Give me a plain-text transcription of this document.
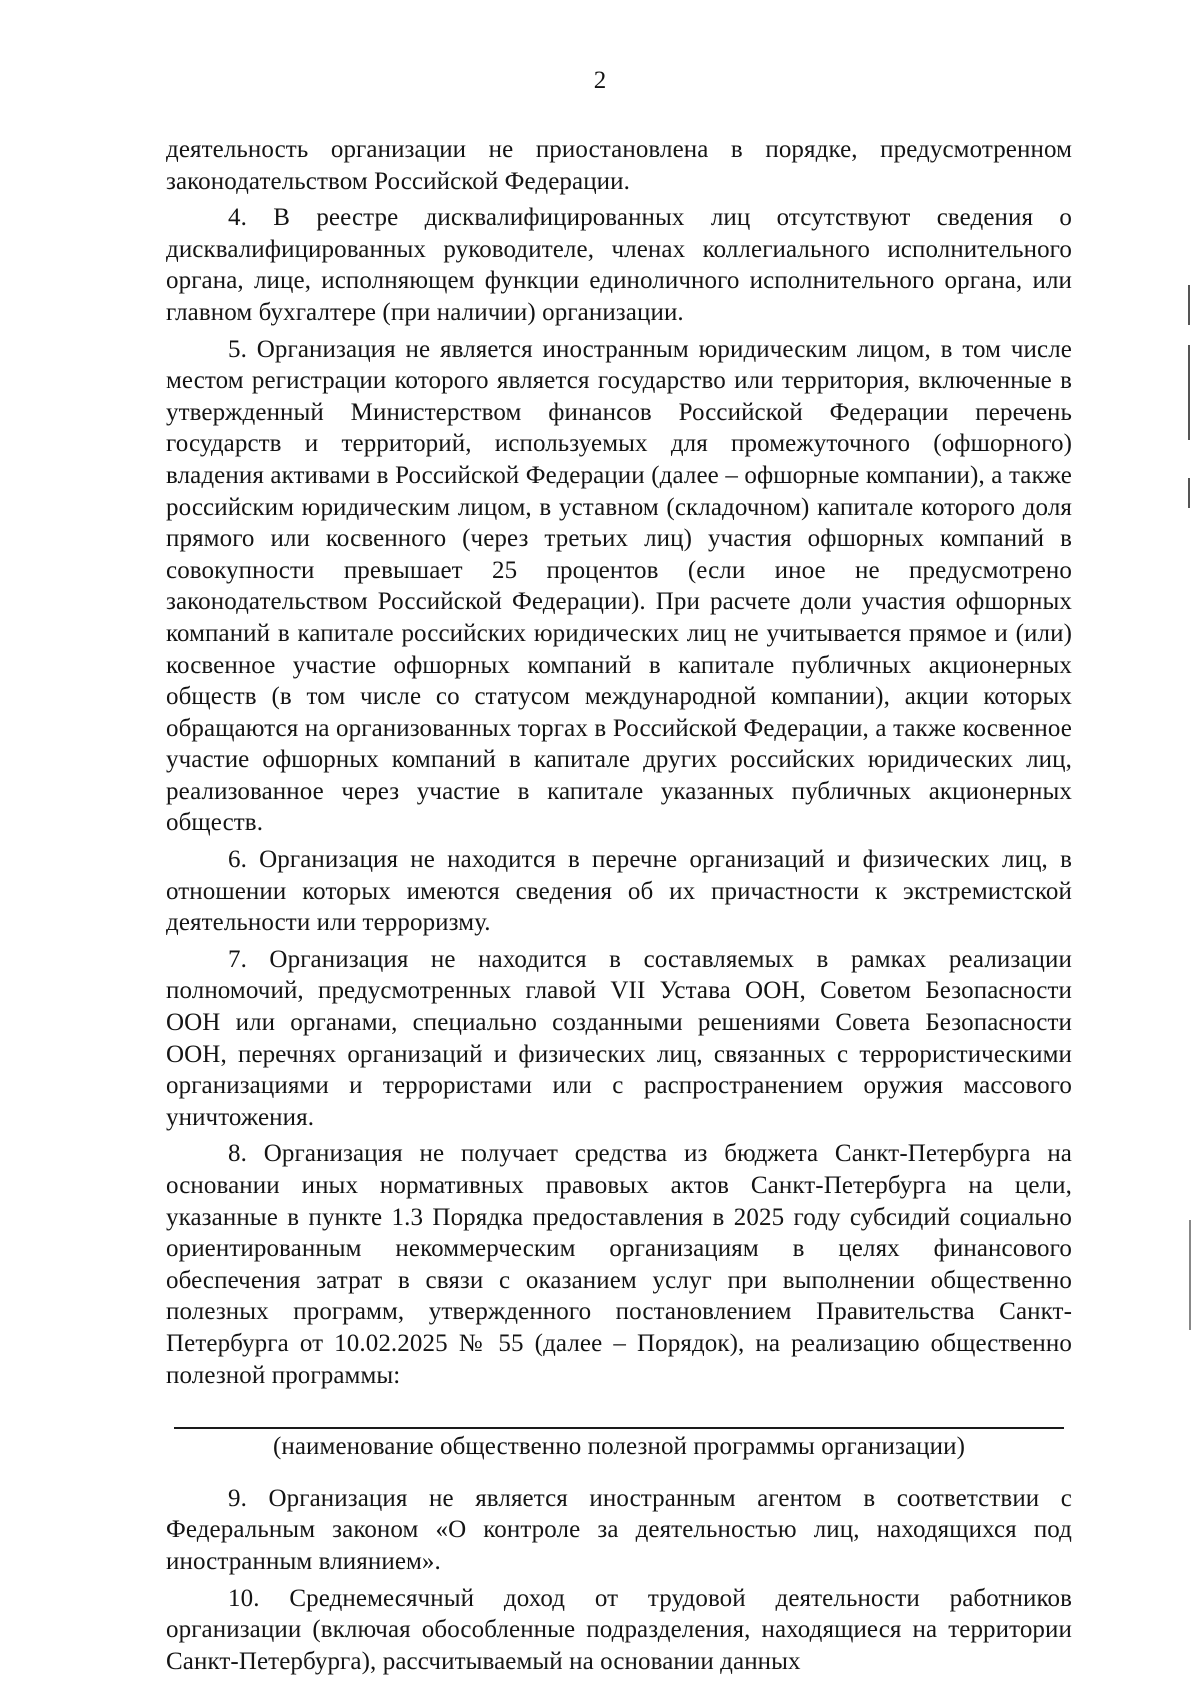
2

деятельность организации не приостановлена в порядке, предусмотренном законодательством Российской Федерации.

4. В реестре дисквалифицированных лиц отсутствуют сведения о дисквалифицированных руководителе, членах коллегиального исполнительного органа, лице, исполняющем функции единоличного исполнительного органа, или главном бухгалтере (при наличии) организации.

5. Организация не является иностранным юридическим лицом, в том числе местом регистрации которого является государство или территория, включенные в утвержденный Министерством финансов Российской Федерации перечень государств и территорий, используемых для промежуточного (офшорного) владения активами в Российской Федерации (далее – офшорные компании), а также российским юридическим лицом, в уставном (складочном) капитале которого доля прямого или косвенного (через третьих лиц) участия офшорных компаний в совокупности превышает 25 процентов (если иное не предусмотрено законодательством Российской Федерации). При расчете доли участия офшорных компаний в капитале российских юридических лиц не учитывается прямое и (или) косвенное участие офшорных компаний в капитале публичных акционерных обществ (в том числе со статусом международной компании), акции которых обращаются на организованных торгах в Российской Федерации, а также косвенное участие офшорных компаний в капитале других российских юридических лиц, реализованное через участие в капитале указанных публичных акционерных обществ.

6. Организация не находится в перечне организаций и физических лиц, в отношении которых имеются сведения об их причастности к экстремистской деятельности или терроризму.

7. Организация не находится в составляемых в рамках реализации полномочий, предусмотренных главой VII Устава ООН, Советом Безопасности ООН или органами, специально созданными решениями Совета Безопасности ООН, перечнях организаций и физических лиц, связанных с террористическими организациями и террористами или с распространением оружия массового уничтожения.

8. Организация не получает средства из бюджета Санкт-Петербурга на основании иных нормативных правовых актов Санкт-Петербурга на цели, указанные в пункте 1.3 Порядка предоставления в 2025 году субсидий социально ориентированным некоммерческим организациям в целях финансового обеспечения затрат в связи с оказанием услуг при выполнении общественно полезных программ, утвержденного постановлением Правительства Санкт-Петербурга от 10.02.2025 № 55 (далее – Порядок), на реализацию общественно полезной программы:

(наименование общественно полезной программы организации)

9. Организация не является иностранным агентом в соответствии с Федеральным законом «О контроле за деятельностью лиц, находящихся под иностранным влиянием».

10. Среднемесячный доход от трудовой деятельности работников организации (включая обособленные подразделения, находящиеся на территории Санкт-Петербурга), рассчитываемый на основании данных
